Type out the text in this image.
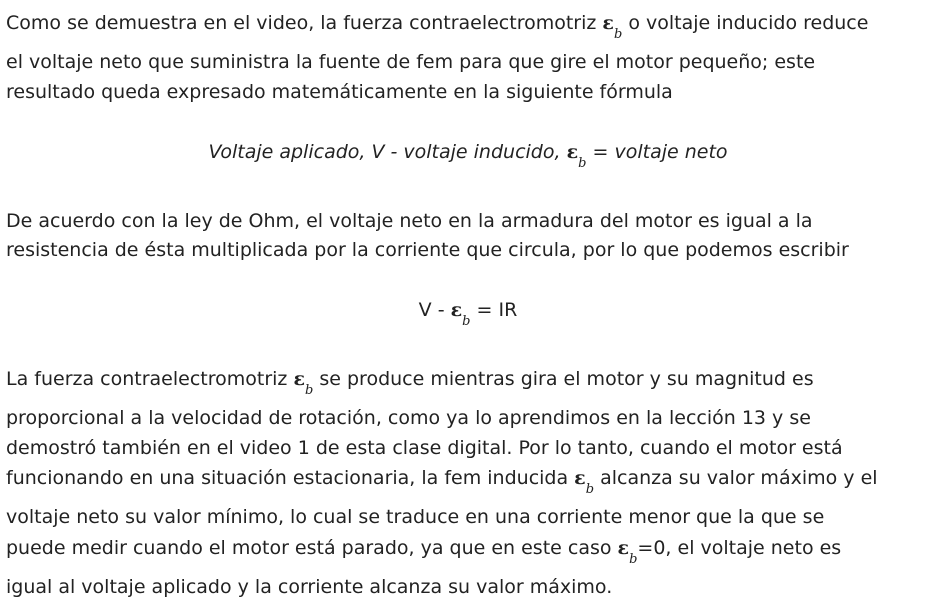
Como se demuestra en el video, la fuerza contraelectromotriz $\varepsilon_b$ o voltaje inducido reduce
el voltaje neto que suministra la fuente de fem para que gire el motor pequeño; este
resultado queda expresado matemáticamente en la siguiente fórmula
Voltaje aplicado, V - voltaje inducido, $\varepsilon_b$ = voltaje neto
De acuerdo con la ley de Ohm, el voltaje neto en la armadura del motor es igual a la
resistencia de ésta multiplicada por la corriente que circula, por lo que podemos escribir
V - $\varepsilon_b$ = IR
La fuerza contraelectromotriz $\varepsilon_b$ se produce mientras gira el motor y su magnitud es
proporcional a la velocidad de rotación, como ya lo aprendimos en la lección 13 y se
demostró también en el video 1 de esta clase digital. Por lo tanto, cuando el motor está
funcionando en una situación estacionaria, la fem inducida $\varepsilon_b$ alcanza su valor máximo y el
voltaje neto su valor mínimo, lo cual se traduce en una corriente menor que la que se
puede medir cuando el motor está parado, ya que en este caso $\varepsilon_b=0$, el voltaje neto es
igual al voltaje aplicado y la corriente alcanza su valor máximo.
